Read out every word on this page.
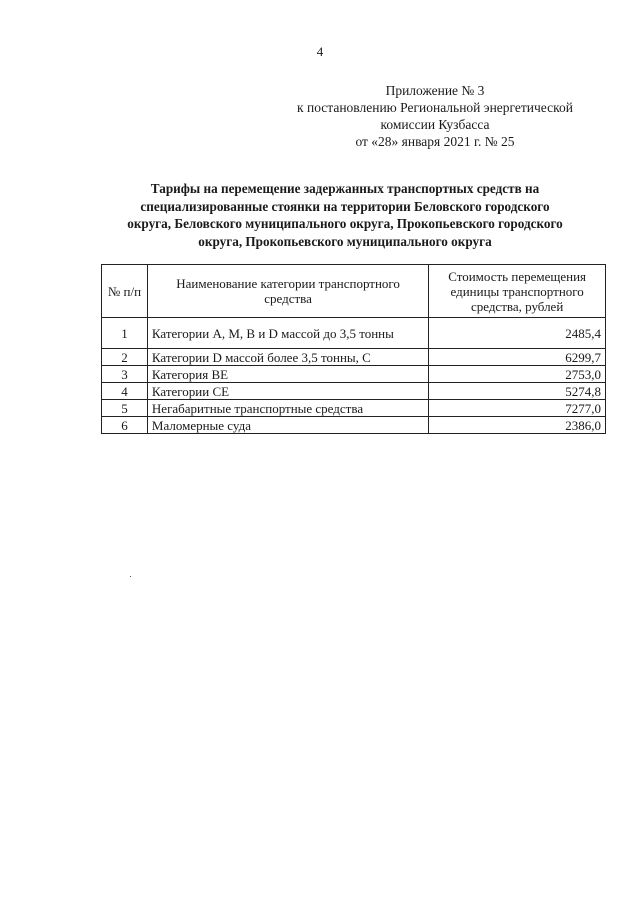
4
Приложение № 3
к постановлению Региональной энергетической
комиссии Кузбасса
от «28» января 2021 г. № 25
Тарифы на перемещение задержанных транспортных средств на
специализированные стоянки на территории Беловского городского
округа, Беловского муниципального округа, Прокопьевского городского
округа, Прокопьевского муниципального округа
№ п/п	Наименование категории транспортного средства	Стоимость перемещения единицы транспортного средства, рублей
1	Категории А, М, В и D массой до 3,5 тонны	2485,4
2	Категории D массой более 3,5 тонны, С	6299,7
3	Категория ВЕ	2753,0
4	Категории СЕ	5274,8
5	Негабаритные транспортные средства	7277,0
6	Маломерные суда	2386,0
